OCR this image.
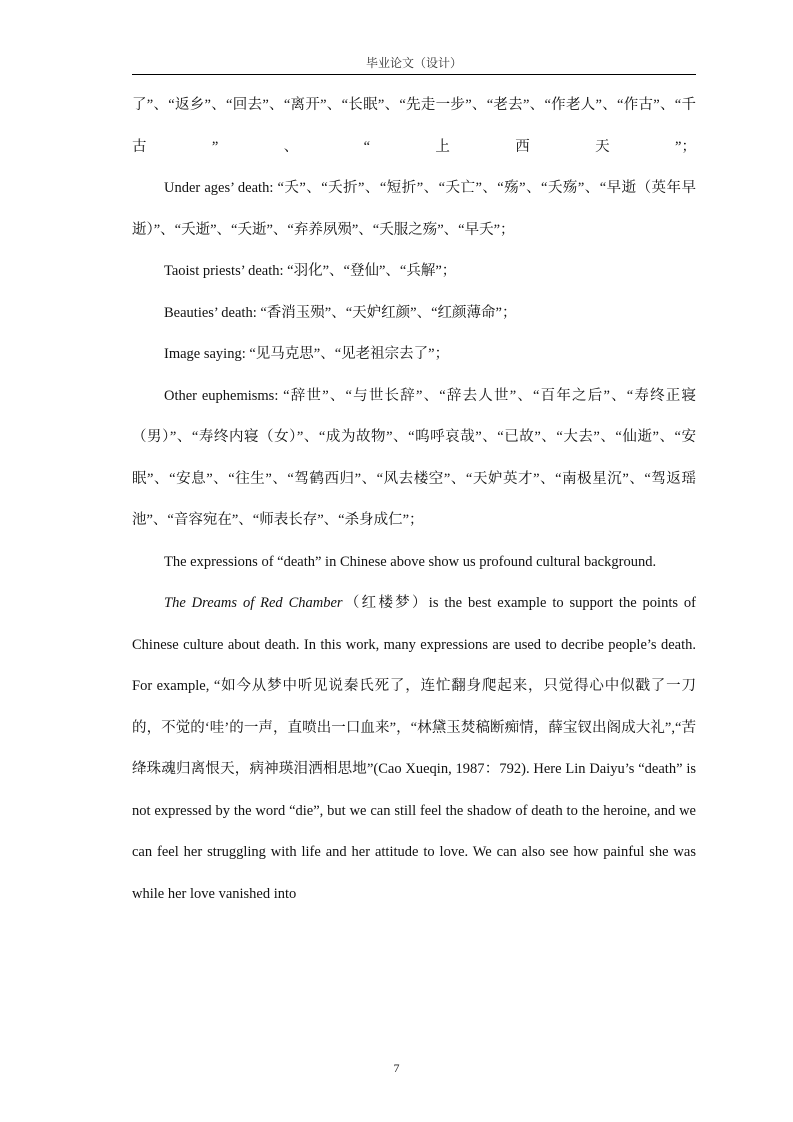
毕业论文（设计）

了”、“返乡”、“回去”、“离开”、“长眠”、“先走一步”、“老去”、“作老人”、“作古”、“千古”、“上西天”；

Under ages’ death: “夭”、“夭折”、“短折”、“夭亡”、“殇”、“夭殇”、“早逝（英年早逝）”、“夭逝”、“夭逝”、“弃养夙殒”、“夭服之殇”、“早夭”；

Taoist priests’ death: “羽化”、“登仙”、“兵解”；

Beauties’ death: “香消玉殒”、“天妒红颜”、“红颜薄命”；

Image saying: “见马克思”、“见老祖宗去了”；

Other euphemisms: “辞世”、“与世长辞”、“辞去人世”、“百年之后”、“寿终正寝（男）”、“寿终内寝（女）”、“成为故物”、“呜呼哀哉”、“已故”、“大去”、“仙逝”、“安眠”、“安息”、“往生”、“驾鹤西归”、“风去楼空”、“天妒英才”、“南极星沉”、“驾返瑶池”、“音容宛在”、“师表长存”、“杀身成仁”；

The expressions of “death” in Chinese above show us profound cultural background.

The Dreams of Red Chamber（红楼梦）is the best example to support the points of Chinese culture about death. In this work, many expressions are used to decribe people’s death. For example, “如今从梦中听见说秦氏死了，连忙翻身爬起来，只觉得心中似戳了一刀的，不觉的‘哇’的一声，直喷出一口血来”，“林黛玉焚稿断痴情，薛宝钗出阁成大礼”,“苦绛珠魂归离恨天，病神瑛泪洒相思地”(Cao Xueqin, 1987：792). Here Lin Daiyu’s “death” is not expressed by the word “die”, but we can still feel the shadow of death to the heroine, and we can feel her struggling with life and her attitude to love. We can also see how painful she was while her love vanished into

7
